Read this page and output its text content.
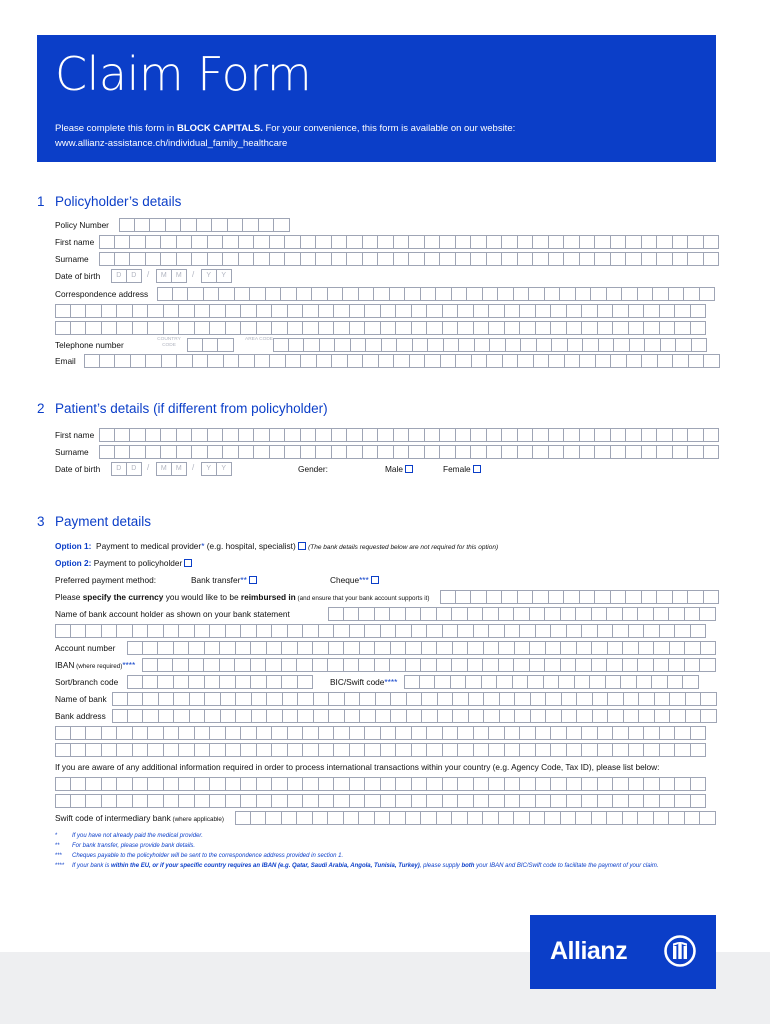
Claim Form
Please complete this form in BLOCK CAPITALS. For your convenience, this form is available on our website:
www.allianz-assistance.ch/individual_family_healthcare
1 Policyholder’s details
Policy Number
First name
Surname
Date of birth	/	/
D	D	M	M	Y	Y
Correspondence address
Telephone number
COUNTRY CODE
AREA CODE
Email
2 Patient’s details (if different from policyholder)
First name
Surname
Date of birth	/	/
D	D	M	M	Y	Y	Gender:	Male	Female
3 Payment details
Option 1: Payment to medical provider* (e.g. hospital, specialist) (The bank details requested below are not required for this option)
Option 2: Payment to policyholder
Preferred payment method:	Bank transfer**	Cheque***
Please specify the currency you would like to be reimbursed in (and ensure that your bank account supports it)
Name of bank account holder as shown on your bank statement
Account number
IBAN (where required)****
Sort/branch code	BIC/Swift code****
Name of bank
Bank address
If you are aware of any additional information required in order to process international transactions within your country (e.g. Agency Code, Tax ID), please list below:
Swift code of intermediary bank (where applicable)
* If you have not already paid the medical provider.
** For bank transfer, please provide bank details.
*** Cheques payable to the policyholder will be sent to the correspondence address provided in section 1.
**** If your bank is within the EU, or if your specific country requires an IBAN (e.g. Qatar, Saudi Arabia, Angola, Tunisia, Turkey), please supply both your IBAN and BIC/Swift code to facilitate the payment of your claim.
Allianz
